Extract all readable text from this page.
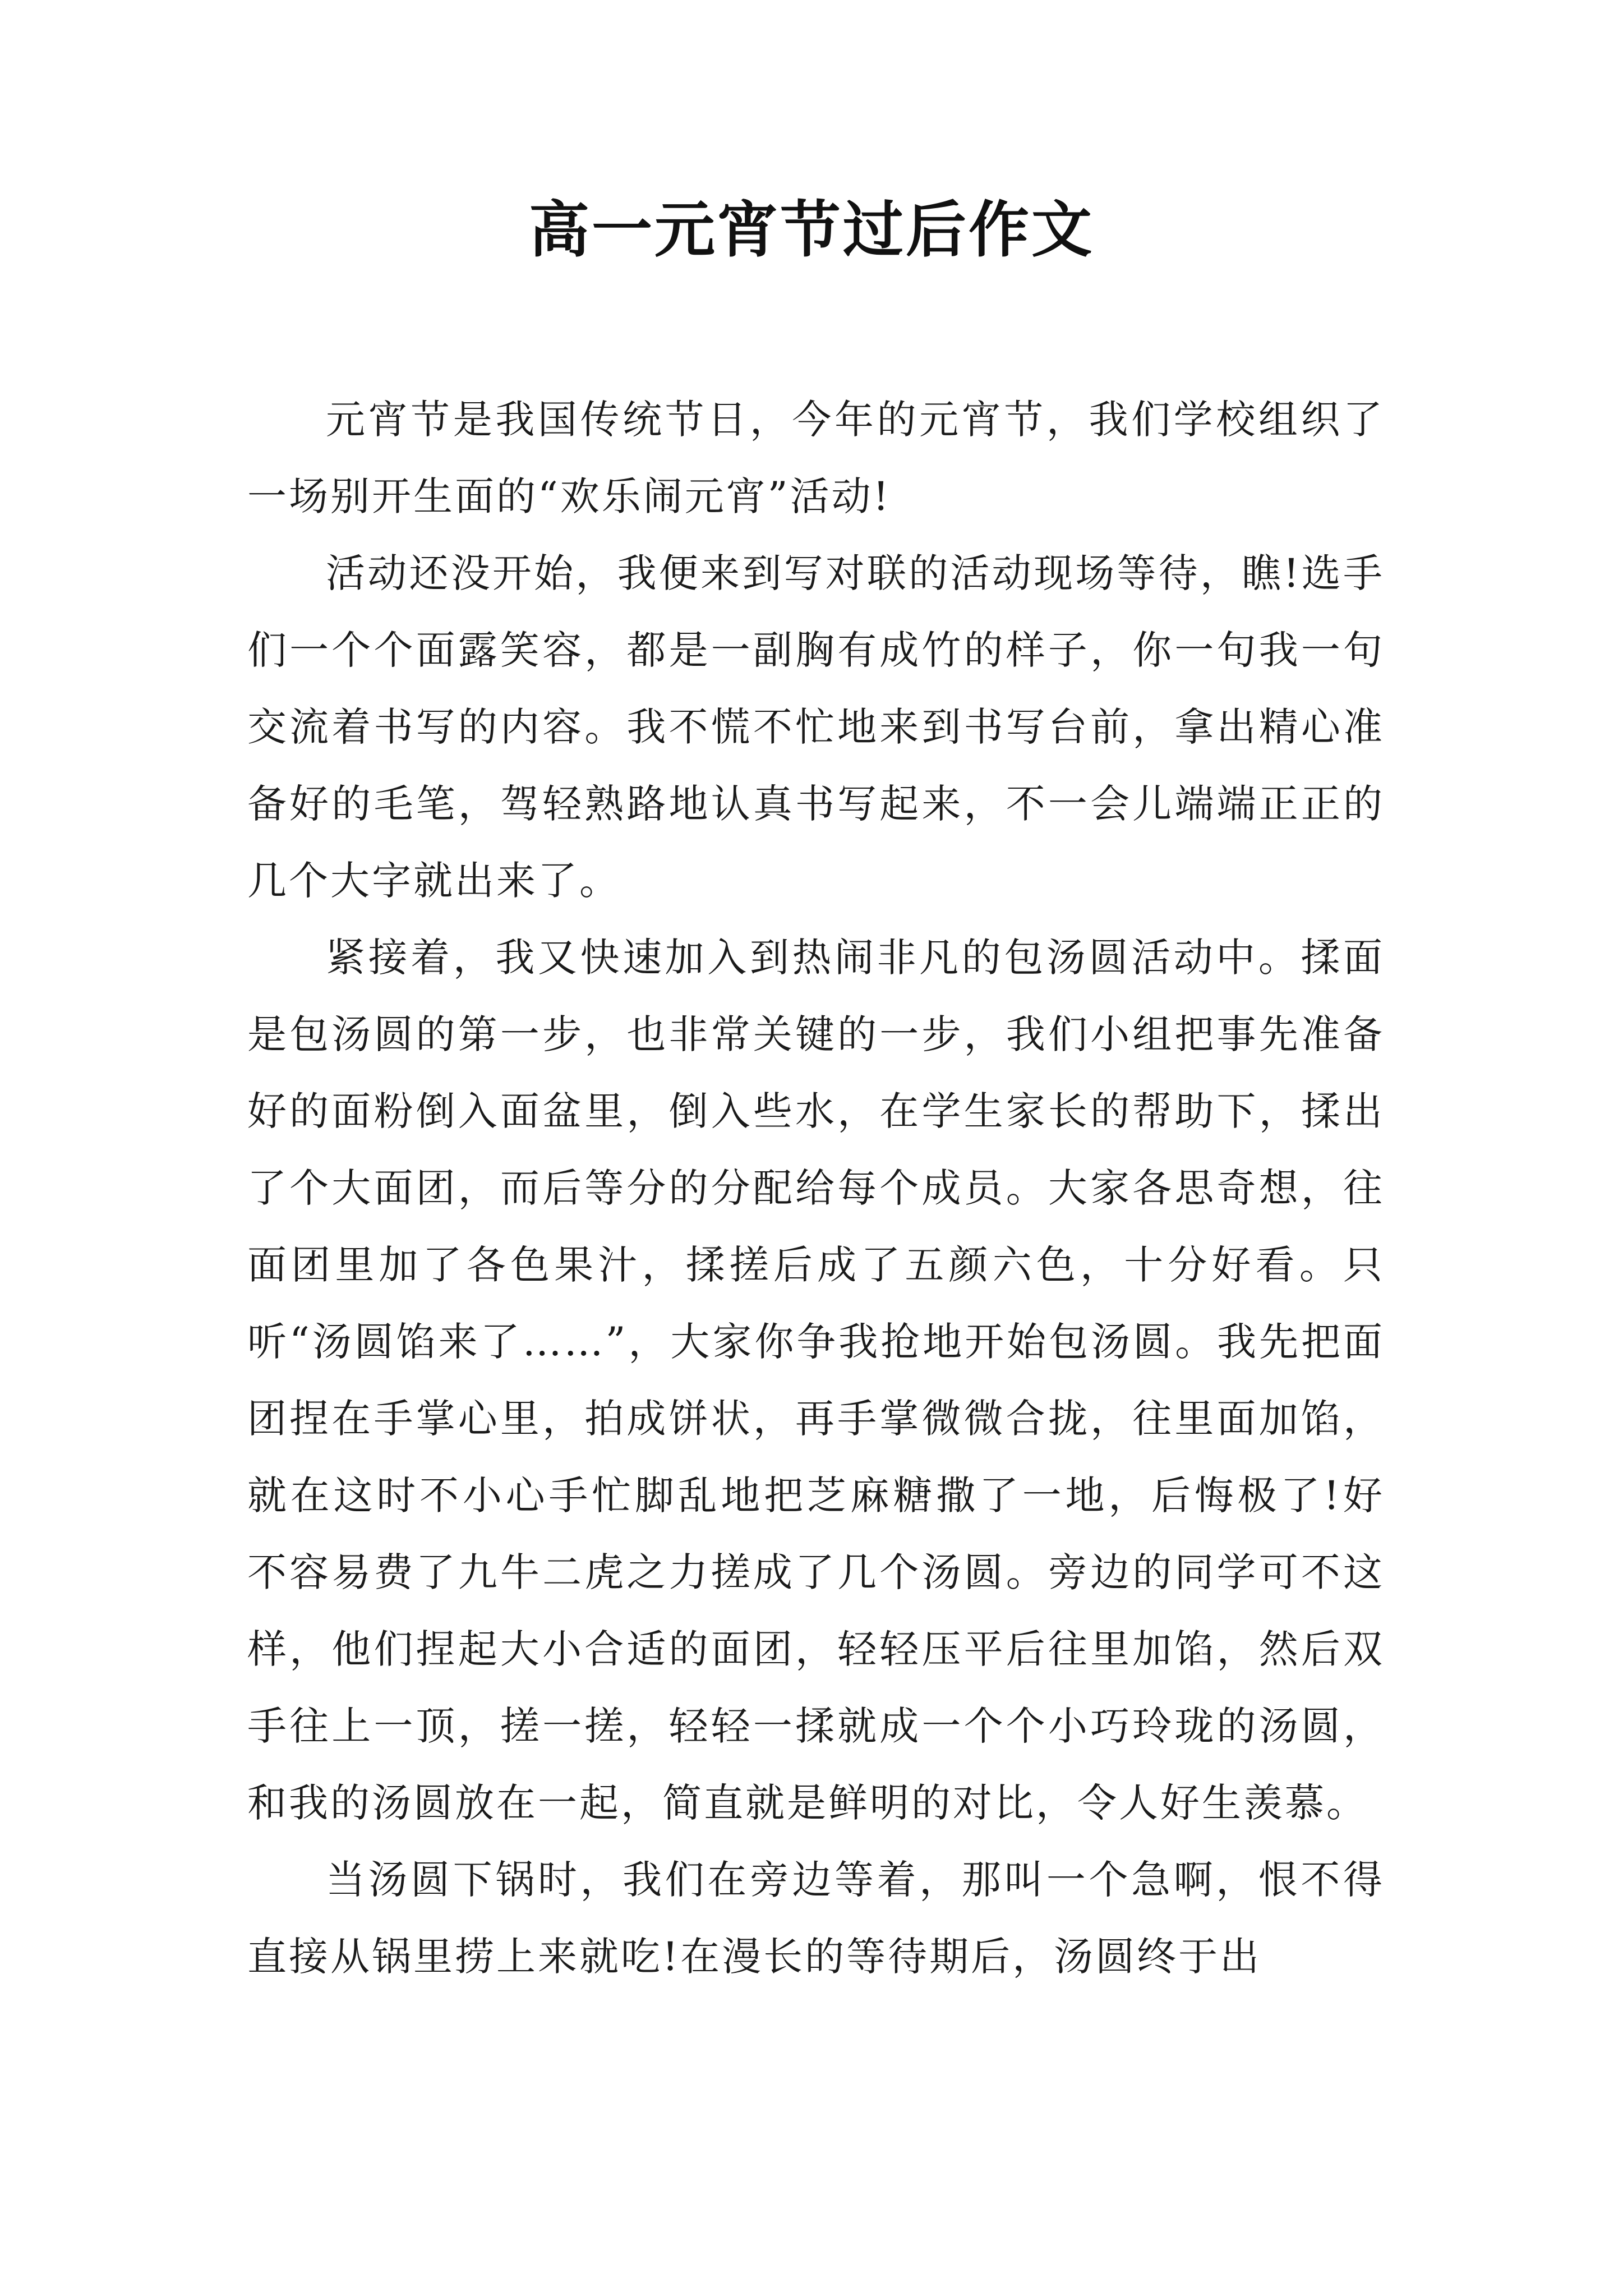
高一元宵节过后作文

元宵节是我国传统节日，今年的元宵节，我们学校组织了一场别开生面的“欢乐闹元宵”活动!

活动还没开始，我便来到写对联的活动现场等待，瞧!选手们一个个面露笑容，都是一副胸有成竹的样子，你一句我一句交流着书写的内容。我不慌不忙地来到书写台前，拿出精心准备好的毛笔，驾轻熟路地认真书写起来，不一会儿端端正正的几个大字就出来了。

紧接着，我又快速加入到热闹非凡的包汤圆活动中。揉面是包汤圆的第一步，也非常关键的一步，我们小组把事先准备好的面粉倒入面盆里，倒入些水，在学生家长的帮助下，揉出了个大面团，而后等分的分配给每个成员。大家各思奇想，往面团里加了各色果汁，揉搓后成了五颜六色，十分好看。只听“汤圆馅来了……”，大家你争我抢地开始包汤圆。我先把面团捏在手掌心里，拍成饼状，再手掌微微合拢，往里面加馅，就在这时不小心手忙脚乱地把芝麻糖撒了一地，后悔极了!好不容易费了九牛二虎之力搓成了几个汤圆。旁边的同学可不这样，他们捏起大小合适的面团，轻轻压平后往里加馅，然后双手往上一顶，搓一搓，轻轻一揉就成一个个小巧玲珑的汤圆，和我的汤圆放在一起，简直就是鲜明的对比，令人好生羡慕。

当汤圆下锅时，我们在旁边等着，那叫一个急啊，恨不得直接从锅里捞上来就吃!在漫长的等待期后，汤圆终于出
